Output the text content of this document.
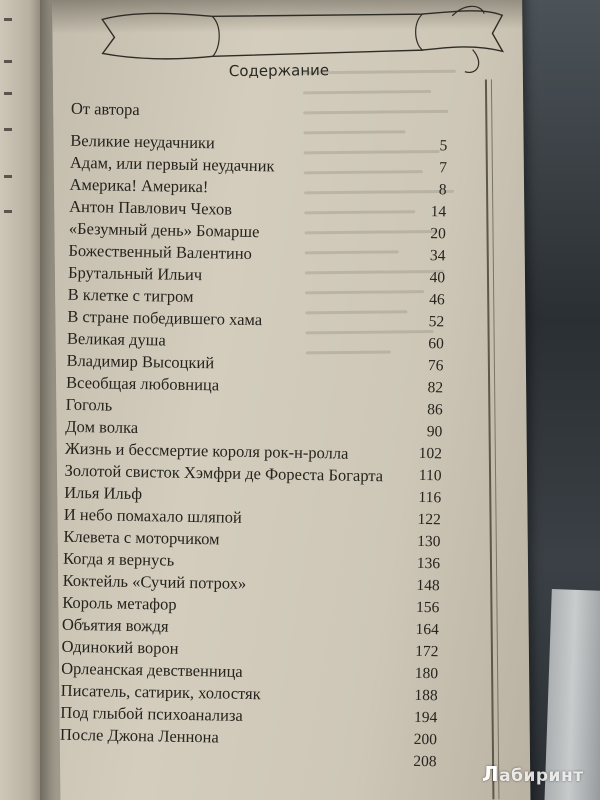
Содержание
От автора
Великие неудачники	5
Адам, или первый неудачник	7
Америка! Америка!	8
Антон Павлович Чехов	14
«Безумный день» Бомарше	20
Божественный Валентино	34
Брутальный Ильич	40
В клетке с тигром	46
В стране победившего хама	52
Великая душа	60
Владимир Высоцкий	76
Всеобщая любовница	82
Гоголь	86
Дом волка	90
Жизнь и бессмертие короля рок-н-ролла	102
Золотой свисток Хэмфри де Фореста Богарта 110
Илья Ильф	116
И небо помахало шляпой	122
Клевета с моторчиком	130
Когда я вернусь	136
Коктейль «Сучий потрох»	148
Король метафор	156
Объятия вождя	164
Одинокий ворон	172
Орлеанская девственница	180
Писатель, сатирик, холостяк	188
Под глыбой психоанализа	194
После Джона Леннона	200
208
Лабиринт
